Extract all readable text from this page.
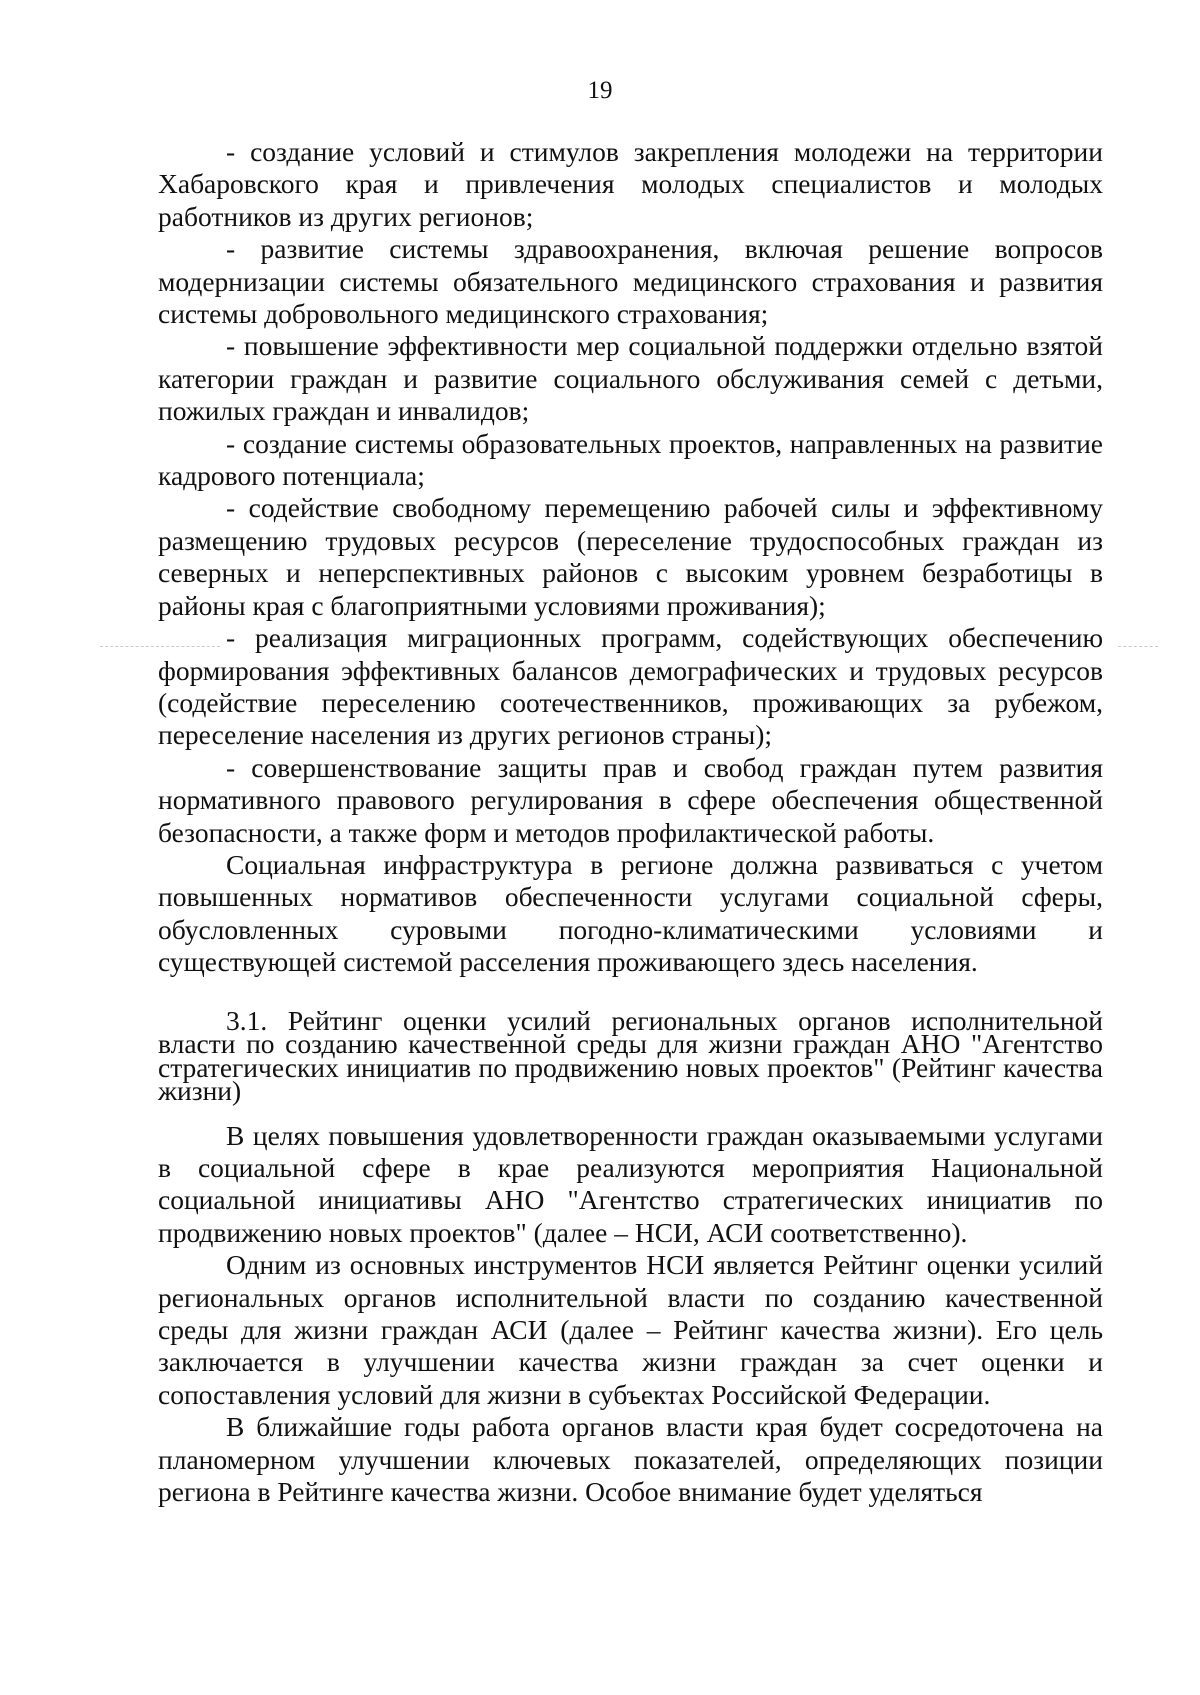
19

- создание условий и стимулов закрепления молодежи на территории Хабаровского края и привлечения молодых специалистов и молодых работников из других регионов;

- развитие системы здравоохранения, включая решение вопросов модернизации системы обязательного медицинского страхования и развития системы добровольного медицинского страхования;

- повышение эффективности мер социальной поддержки отдельно взятой категории граждан и развитие социального обслуживания семей с детьми, пожилых граждан и инвалидов;

- создание системы образовательных проектов, направленных на развитие кадрового потенциала;

- содействие свободному перемещению рабочей силы и эффективному размещению трудовых ресурсов (переселение трудоспособных граждан из северных и неперспективных районов с высоким уровнем безработицы в районы края с благоприятными условиями проживания);

- реализация миграционных программ, содействующих обеспечению формирования эффективных балансов демографических и трудовых ресурсов (содействие переселению соотечественников, проживающих за рубежом, переселение населения из других регионов страны);

- совершенствование защиты прав и свобод граждан путем развития нормативного правового регулирования в сфере обеспечения общественной безопасности, а также форм и методов профилактической работы.

Социальная инфраструктура в регионе должна развиваться с учетом повышенных нормативов обеспеченности услугами социальной сферы, обусловленных суровыми погодно-климатическими условиями и существующей системой расселения проживающего здесь населения.

3.1. Рейтинг оценки усилий региональных органов исполнительной власти по созданию качественной среды для жизни граждан АНО "Агентство стратегических инициатив по продвижению новых проектов" (Рейтинг качества жизни)

В целях повышения удовлетворенности граждан оказываемыми услугами в социальной сфере в крае реализуются мероприятия Национальной социальной инициативы АНО "Агентство стратегических инициатив по продвижению новых проектов" (далее – НСИ, АСИ соответственно).

Одним из основных инструментов НСИ является Рейтинг оценки усилий региональных органов исполнительной власти по созданию качественной среды для жизни граждан АСИ (далее – Рейтинг качества жизни). Его цель заключается в улучшении качества жизни граждан за счет оценки и сопоставления условий для жизни в субъектах Российской Федерации.

В ближайшие годы работа органов власти края будет сосредоточена на планомерном улучшении ключевых показателей, определяющих позиции региона в Рейтинге качества жизни. Особое внимание будет уделяться
